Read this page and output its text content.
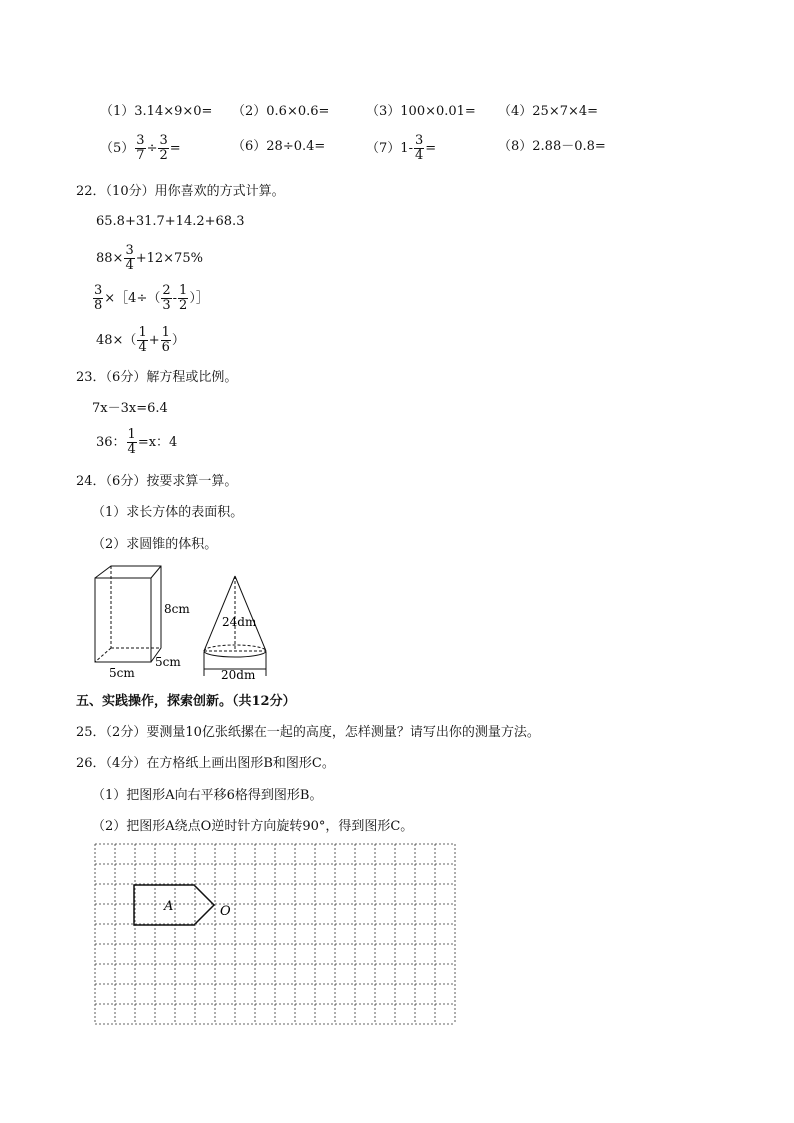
（1）3.14×9×0= （2）0.6×0.6=	（3）100×0.01= （4）25×7×4=
$(5) \frac{3}{7} \div \frac{3}{2}$ =	（6）28÷0.4=	（7） $1 - \frac{3}{4}$ =	（8）2.88－0.8=
22．（10分）用你喜欢的方式计算。
65.8+31.7+14.2+68.3
$88\times \frac{3}{4} +12\times 75\%$
$\frac{3}{8}$ ×［4÷（ $\frac{2}{3} - \frac{1}{2}$ ）］
$48\times( \frac{1}{4} + \frac{1}{6}$ ）
23．（6分）解方程或比例。
7x－3x=6.4
36： $\frac{1}{4} =x$：4
24．（6分）按要求算一算。
（1）求长方体的表面积。
（2）求圆锥的体积。
8cm
5cm
5cm
24dm
20dm
五、实践操作，探索创新。（共12分）
25．（2分）要测量10亿张纸摞在一起的高度，怎样测量？请写出你的测量方法。
26．（4分）在方格纸上画出图形B和图形C。
（1）把图形A向右平移6格得到图形B。
（2）把图形A绕点O逆时针方向旋转90°，得到图形C。
A	O
